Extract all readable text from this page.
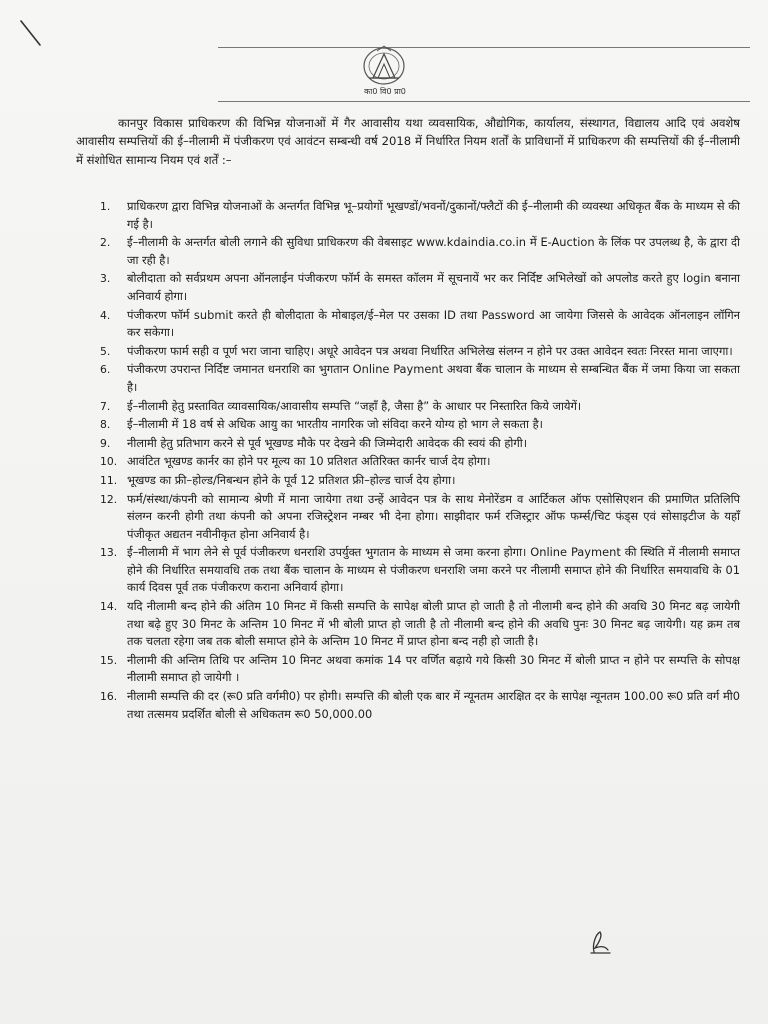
का0 वि0 प्रा0

कानपुर विकास प्राधिकरण की विभिन्न योजनाओं में गैर आवासीय यथा व्यवसायिक, औद्योगिक, कार्यालय, संस्थागत, विद्यालय आदि एवं अवशेष आवासीय सम्पत्तियों की ई–नीलामी में पंजीकरण एवं आवंटन सम्बन्धी वर्ष 2018 में निर्धारित नियम शर्तों के प्राविधानों में प्राधिकरण की सम्पत्तियों की ई–नीलामी में संशोधित सामान्य नियम एवं शर्तें :–

1.	प्राधिकरण द्वारा विभिन्न योजनाओं के अन्तर्गत विभिन्न भू–प्रयोगों भूखण्डों/भवनों/दुकानों/फ्लैटों की ई–नीलामी की व्यवस्था अधिकृत बैंक के माध्यम से की गई है।
2.	ई–नीलामी के अन्तर्गत बोली लगाने की सुविधा प्राधिकरण की वेबसाइट www.kdaindia.co.in में E-Auction के लिंक पर उपलब्ध है, के द्वारा दी जा रही है।
3.	बोलीदाता को सर्वप्रथम अपना ऑनलाईन पंजीकरण फॉर्म के समस्त कॉलम में सूचनायें भर कर निर्दिष्ट अभिलेखों को अपलोड करते हुए login बनाना अनिवार्य होगा।
4.	पंजीकरण फॉर्म submit करते ही बोलीदाता के मोबाइल/ई–मेल पर उसका ID तथा Password आ जायेगा जिससे के आवेदक ऑनलाइन लॉगिन कर सकेगा।
5.	पंजीकरण फार्म सही व पूर्ण भरा जाना चाहिए। अधूरे आवेदन पत्र अथवा निर्धारित अभिलेख संलग्न न होने पर उक्त आवेदन स्वतः निरस्त माना जाएगा।
6.	पंजीकरण उपरान्त निर्दिष्ट जमानत धनराशि का भुगतान Online Payment अथवा बैंक चालान के माध्यम से सम्बन्धित बैंक में जमा किया जा सकता है।
7.	ई–नीलामी हेतु प्रस्तावित व्यावसायिक/आवासीय सम्पत्ति “जहाँ है, जैसा है” के आधार पर निस्तारित किये जायेगें।
8.	ई–नीलामी में 18 वर्ष से अधिक आयु का भारतीय नागरिक जो संविदा करने योग्य हो भाग ले सकता है।
9.	नीलामी हेतु प्रतिभाग करने से पूर्व भूखण्ड मौके पर देखने की जिम्मेदारी आवेदक की स्वयं की होगी।
10. आवंटित भूखण्ड कार्नर का होने पर मूल्य का 10 प्रतिशत अतिरिक्त कार्नर चार्ज देय होगा।
11. भूखण्ड का फ्री–होल्ड/निबन्धन होने के पूर्व 12 प्रतिशत फ्री–होल्ड चार्ज देय होगा।
12. फर्म/संस्था/कंपनी को सामान्य श्रेणी में माना जायेगा तथा उन्हें आवेदन पत्र के साथ मेनोरेंडम व आर्टिकल ऑफ एसोसिएशन की प्रमाणित प्रतिलिपि संलग्न करनी होगी तथा कंपनी को अपना रजिस्ट्रेशन नम्बर भी देना होगा। साझीदार फर्म रजिस्ट्रार ऑफ फर्म्स/चिट फंड्स एवं सोसाइटीज के यहाँ पंजीकृत अद्यतन नवीनीकृत होना अनिवार्य है।
13. ई–नीलामी में भाग लेने से पूर्व पंजीकरण धनराशि उपर्युक्त भुगतान के माध्यम से जमा करना होगा। Online Payment की स्थिति में नीलामी समाप्त होने की निर्धारित समयावधि तक तथा बैंक चालान के माध्यम से पंजीकरण धनराशि जमा करने पर नीलामी समाप्त होने की निर्धारित समयावधि के 01 कार्य दिवस पूर्व तक पंजीकरण कराना अनिवार्य होगा।
14. यदि नीलामी बन्द होने की अंतिम 10 मिनट में किसी सम्पत्ति के सापेक्ष बोली प्राप्त हो जाती है तो नीलामी बन्द होने की अवधि 30 मिनट बढ़ जायेगी तथा बढ़े हुए 30 मिनट के अन्तिम 10 मिनट में भी बोली प्राप्त हो जाती है तो नीलामी बन्द होने की अवधि पुनः 30 मिनट बढ़ जायेगी। यह क्रम तब तक चलता रहेगा जब तक बोली समाप्त होने के अन्तिम 10 मिनट में प्राप्त होना बन्द नही हो जाती है।
15. नीलामी की अन्तिम तिथि पर अन्तिम 10 मिनट अथवा कमांक 14 पर वर्णित बढ़ाये गये किसी 30 मिनट में बोली प्राप्त न होने पर सम्पत्ति के सोपक्ष नीलामी समाप्त हो जायेगी ।
16. नीलामी सम्पत्ति की दर (रू0 प्रति वर्गमी0) पर होगी। सम्पत्ति की बोली एक बार में न्यूनतम आरक्षित दर के सापेक्ष न्यूनतम 100.00 रू0 प्रति वर्ग मी0 तथा तत्समय प्रदर्शित बोली से अधिकतम रू0 50,000.00
